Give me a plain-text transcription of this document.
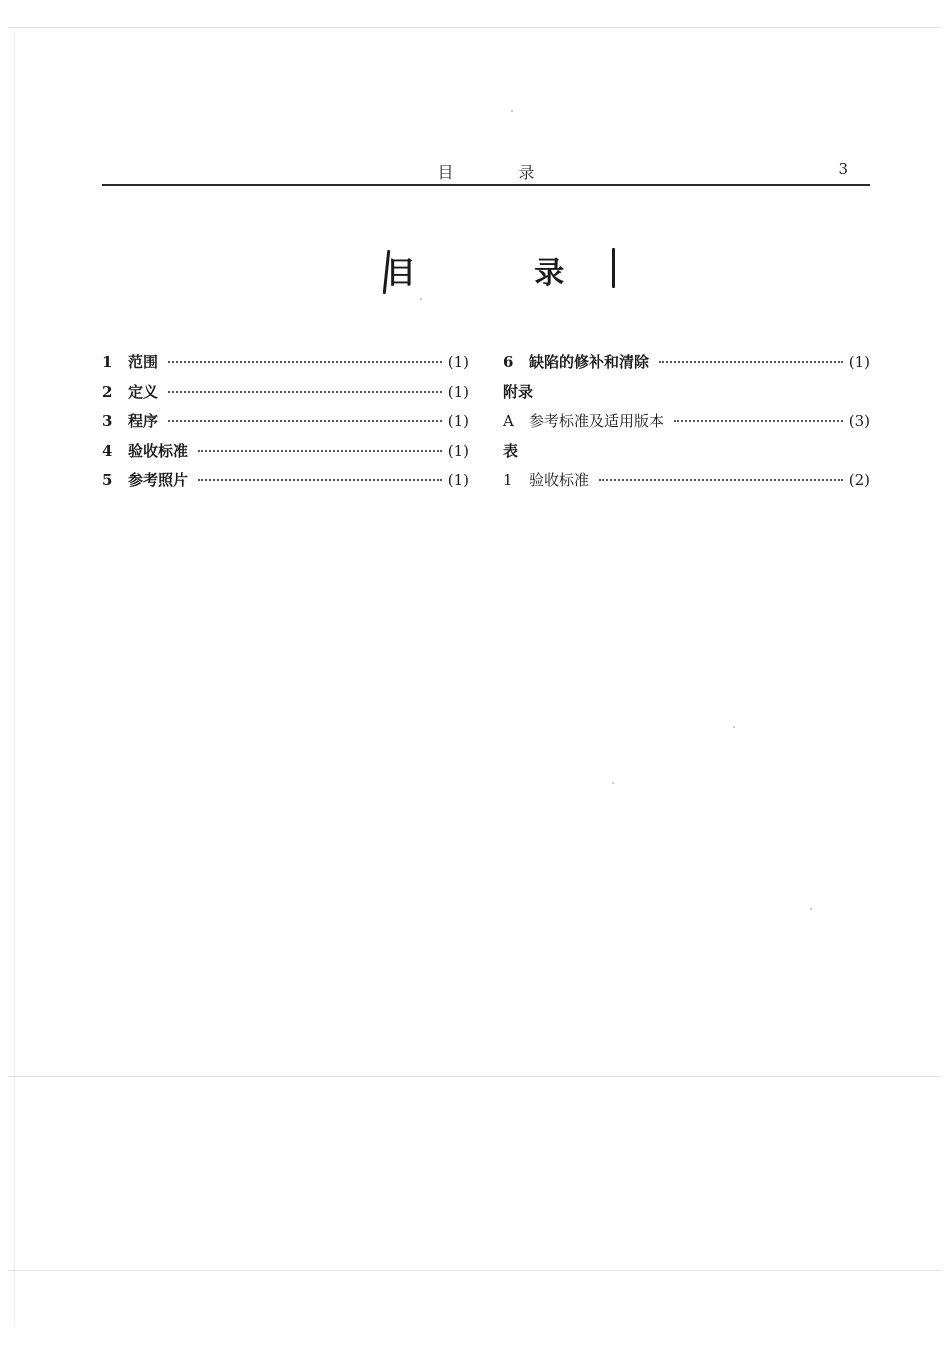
目 录	3
目 录
1	范围	(1)
2	定义	(1)
3	程序	(1)
4	验收标准	(1)
5	参考照片	(1)
6	缺陷的修补和清除	(1)
附录
A	参考标准及适用版本	(3)
表
1	验收标准	(2)
